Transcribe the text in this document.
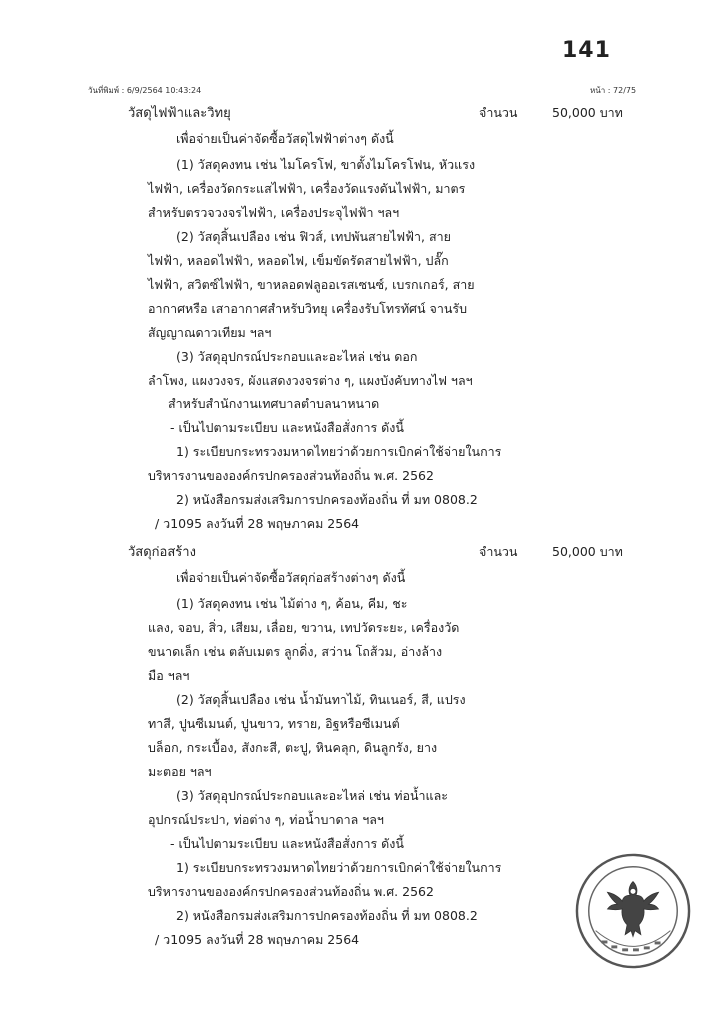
141
วันที่พิมพ์ : 6/9/2564 10:43:24	หน้า : 72/75
วัสดุไฟฟ้าและวิทยุ	จำนวน	50,000 บาท
เพื่อจ่ายเป็นค่าจัดซื้อวัสดุไฟฟ้าต่างๆ ดังนี้
(1) วัสดุคงทน เช่น ไมโครโฟ, ขาตั้งไมโครโฟน, หัวแรง
ไฟฟ้า, เครื่องวัดกระแสไฟฟ้า, เครื่องวัดแรงดันไฟฟ้า, มาตร
สำหรับตรวจวงจรไฟฟ้า, เครื่องประจุไฟฟ้า ฯลฯ
(2) วัสดุสิ้นเปลือง เช่น ฟิวส์, เทปพันสายไฟฟ้า, สาย
ไฟฟ้า, หลอดไฟฟ้า, หลอดไฟ, เข็มขัดรัดสายไฟฟ้า, ปลั๊ก
ไฟฟ้า, สวิตซ์ไฟฟ้า, ขาหลอดฟลูออเรสเซนซ์, เบรกเกอร์, สาย
อากาศหรือ เสาอากาศสำหรับวิทยุ เครื่องรับโทรทัศน์ จานรับ
สัญญาณดาวเทียม ฯลฯ
(3) วัสดุอุปกรณ์ประกอบและอะไหล่ เช่น ดอก
ลำโพง, แผงวงจร, ผังแสดงวงจรต่าง ๆ, แผงบังคับทางไฟ ฯลฯ
สำหรับสำนักงานเทศบาลตำบลนาหนาด
- เป็นไปตามระเบียบ และหนังสือสั่งการ ดังนี้
1) ระเบียบกระทรวงมหาดไทยว่าด้วยการเบิกค่าใช้จ่ายในการ
บริหารงานขององค์กรปกครองส่วนท้องถิ่น พ.ศ. 2562
2) หนังสือกรมส่งเสริมการปกครองท้องถิ่น ที่ มท 0808.2
/ ว1095 ลงวันที่ 28 พฤษภาคม 2564
วัสดุก่อสร้าง	จำนวน	50,000 บาท
เพื่อจ่ายเป็นค่าจัดซื้อวัสดุก่อสร้างต่างๆ ดังนี้
(1) วัสดุคงทน เช่น ไม้ต่าง ๆ, ค้อน, คีม, ชะ
แลง, จอบ, สิ่ว, เสียม, เลื่อย, ขวาน, เทปวัดระยะ, เครื่องวัด
ขนาดเล็ก เช่น ตลับเมตร ลูกดิ่ง, สว่าน โถส้วม, อ่างล้าง
มือ ฯลฯ
(2) วัสดุสิ้นเปลือง เช่น น้ำมันทาไม้, ทินเนอร์, สี, แปรง
ทาสี, ปูนซีเมนต์, ปูนขาว, ทราย, อิฐหรือซีเมนต์
บล็อก, กระเบื้อง, สังกะสี, ตะปู, หินคลุก, ดินลูกรัง, ยาง
มะตอย ฯลฯ
(3) วัสดุอุปกรณ์ประกอบและอะไหล่ เช่น ท่อน้ำและ
อุปกรณ์ประปา, ท่อต่าง ๆ, ท่อน้ำบาดาล ฯลฯ
- เป็นไปตามระเบียบ และหนังสือสั่งการ ดังนี้
1) ระเบียบกระทรวงมหาดไทยว่าด้วยการเบิกค่าใช้จ่ายในการ
บริหารงานขององค์กรปกครองส่วนท้องถิ่น พ.ศ. 2562
2) หนังสือกรมส่งเสริมการปกครองท้องถิ่น ที่ มท 0808.2
/ ว1095 ลงวันที่ 28 พฤษภาคม 2564
